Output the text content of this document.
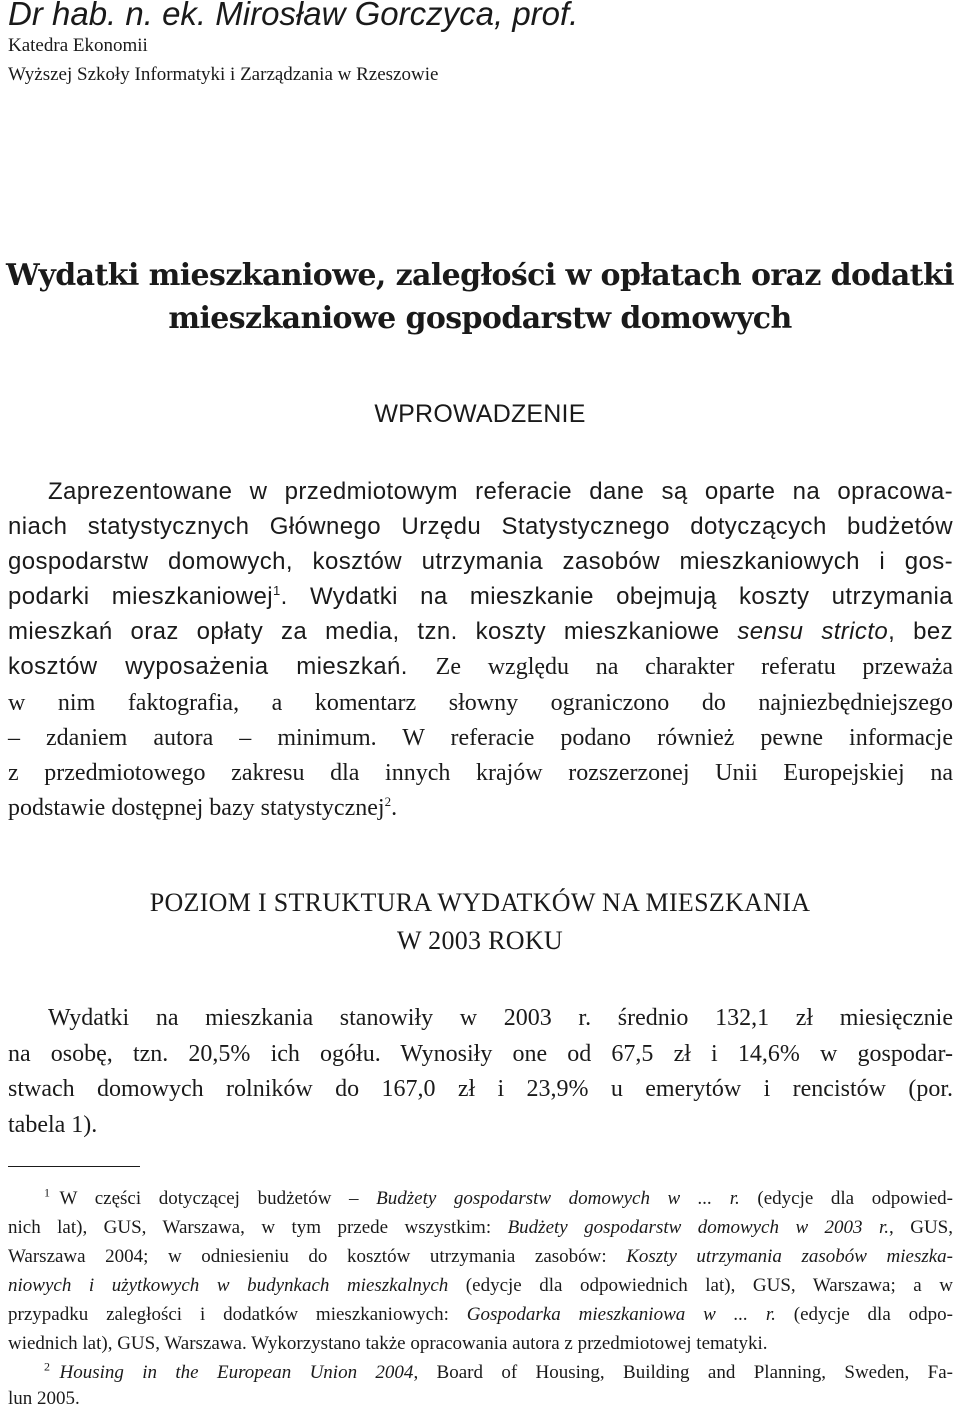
Dr hab. n. ek. Mirosław Gorczyca, prof.
Katedra Ekonomii
Wyższej Szkoły Informatyki i Zarządzania w Rzeszowie
Wydatki mieszkaniowe, zaległości w opłatach oraz dodatki
mieszkaniowe gospodarstw domowych
WPROWADZENIE
Zaprezentowane w przedmiotowym referacie dane są oparte na opracowa-
niach statystycznych Głównego Urzędu Statystycznego dotyczących budżetów
gospodarstw domowych, kosztów utrzymania zasobów mieszkaniowych i gos-
podarki mieszkaniowej$^1$. Wydatki na mieszkanie obejmują koszty utrzymania
mieszkań oraz opłaty za media, tzn. koszty mieszkaniowe sensu stricto, bez
kosztów wyposażenia mieszkań. Ze względu na charakter referatu przeważa
w nim faktografia, a komentarz słowny ograniczono do najniezbędniejszego
– zdaniem autora – minimum. W referacie podano również pewne informacje
z przedmiotowego zakresu dla innych krajów rozszerzonej Unii Europejskiej na
podstawie dostępnej bazy statystycznej$^2$.
POZIOM I STRUKTURA WYDATKÓW NA MIESZKANIA
W 2003 ROKU
Wydatki na mieszkania stanowiły w 2003 r. średnio 132,1 zł miesięcznie
na osobę, tzn. 20,5% ich ogółu. Wynosiły one od 67,5 zł i 14,6% w gospodar-
stwach domowych rolników do 167,0 zł i 23,9% u emerytów i rencistów (por.
tabela 1).
$^1$  W części dotyczącej budżetów – Budżety gospodarstw domowych w ... r. (edycje dla odpowied-
nich lat), GUS, Warszawa, w tym przede wszystkim: Budżety gospodarstw domowych w 2003 r., GUS,
Warszawa 2004; w odniesieniu do kosztów utrzymania zasobów: Koszty utrzymania zasobów mieszka-
niowych i użytkowych w budynkach mieszkalnych (edycje dla odpowiednich lat), GUS, Warszawa; a w
przypadku zaległości i dodatków mieszkaniowych: Gospodarka mieszkaniowa w ... r. (edycje dla odpo-
wiednich lat), GUS, Warszawa. Wykorzystano także opracowania autora z przedmiotowej tematyki.
$^2$  Housing in the European Union 2004, Board of Housing, Building and Planning, Sweden, Fa-
lun 2005.
